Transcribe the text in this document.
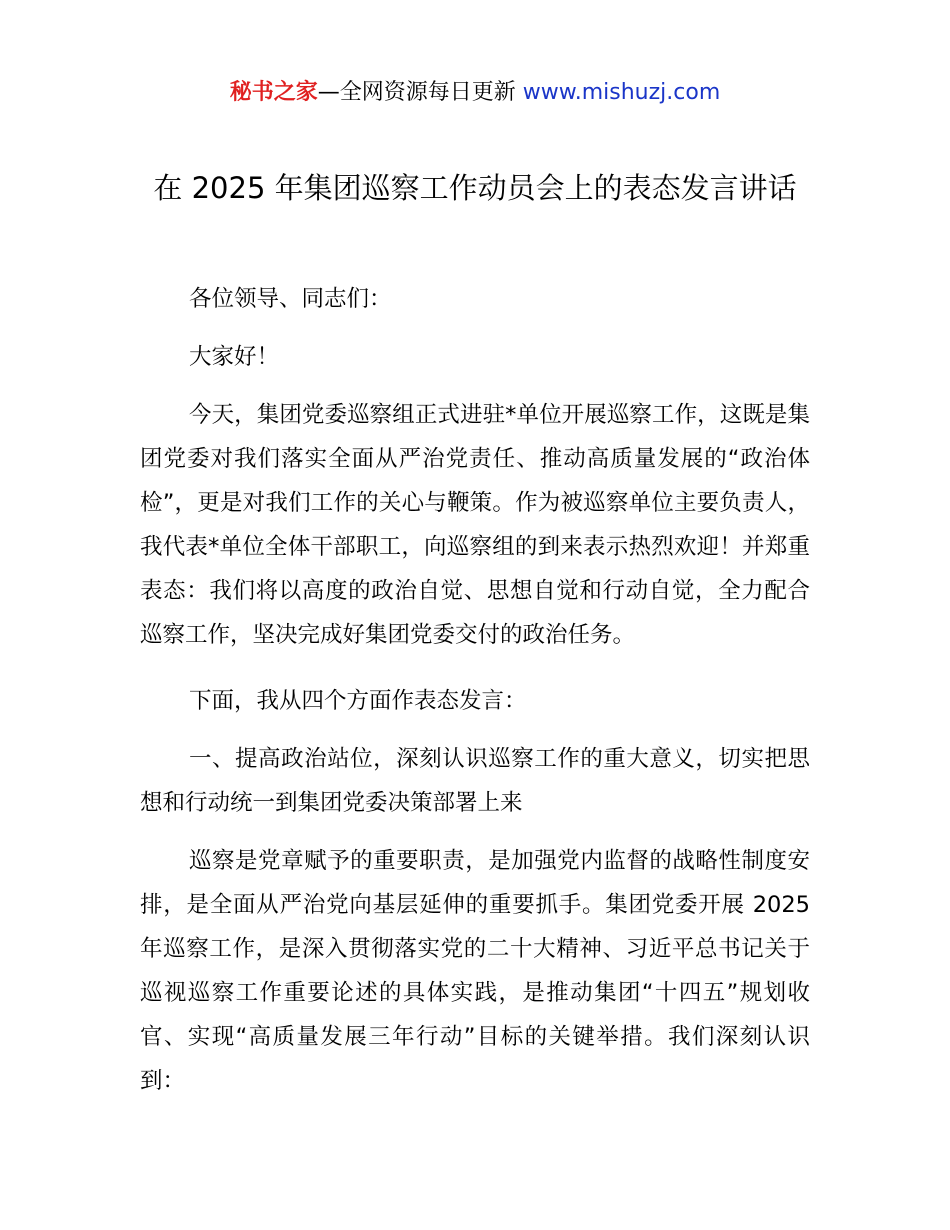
秘书之家—全网资源每日更新 www.mishuzj.com
在 2025 年集团巡察工作动员会上的表态发言讲话

各位领导、同志们：

大家好！

今天，集团党委巡察组正式进驻*单位开展巡察工作，这既是集团党委对我们落实全面从严治党责任、推动高质量发展的“政治体检”，更是对我们工作的关心与鞭策。作为被巡察单位主要负责人，我代表*单位全体干部职工，向巡察组的到来表示热烈欢迎！并郑重表态：我们将以高度的政治自觉、思想自觉和行动自觉，全力配合巡察工作，坚决完成好集团党委交付的政治任务。

下面，我从四个方面作表态发言：

一、提高政治站位，深刻认识巡察工作的重大意义，切实把思想和行动统一到集团党委决策部署上来

巡察是党章赋予的重要职责，是加强党内监督的战略性制度安排，是全面从严治党向基层延伸的重要抓手。集团党委开展 2025 年巡察工作，是深入贯彻落实党的二十大精神、习近平总书记关于巡视巡察工作重要论述的具体实践，是推动集团“十四五”规划收官、实现“高质量发展三年行动”目标的关键举措。我们深刻认识到：
